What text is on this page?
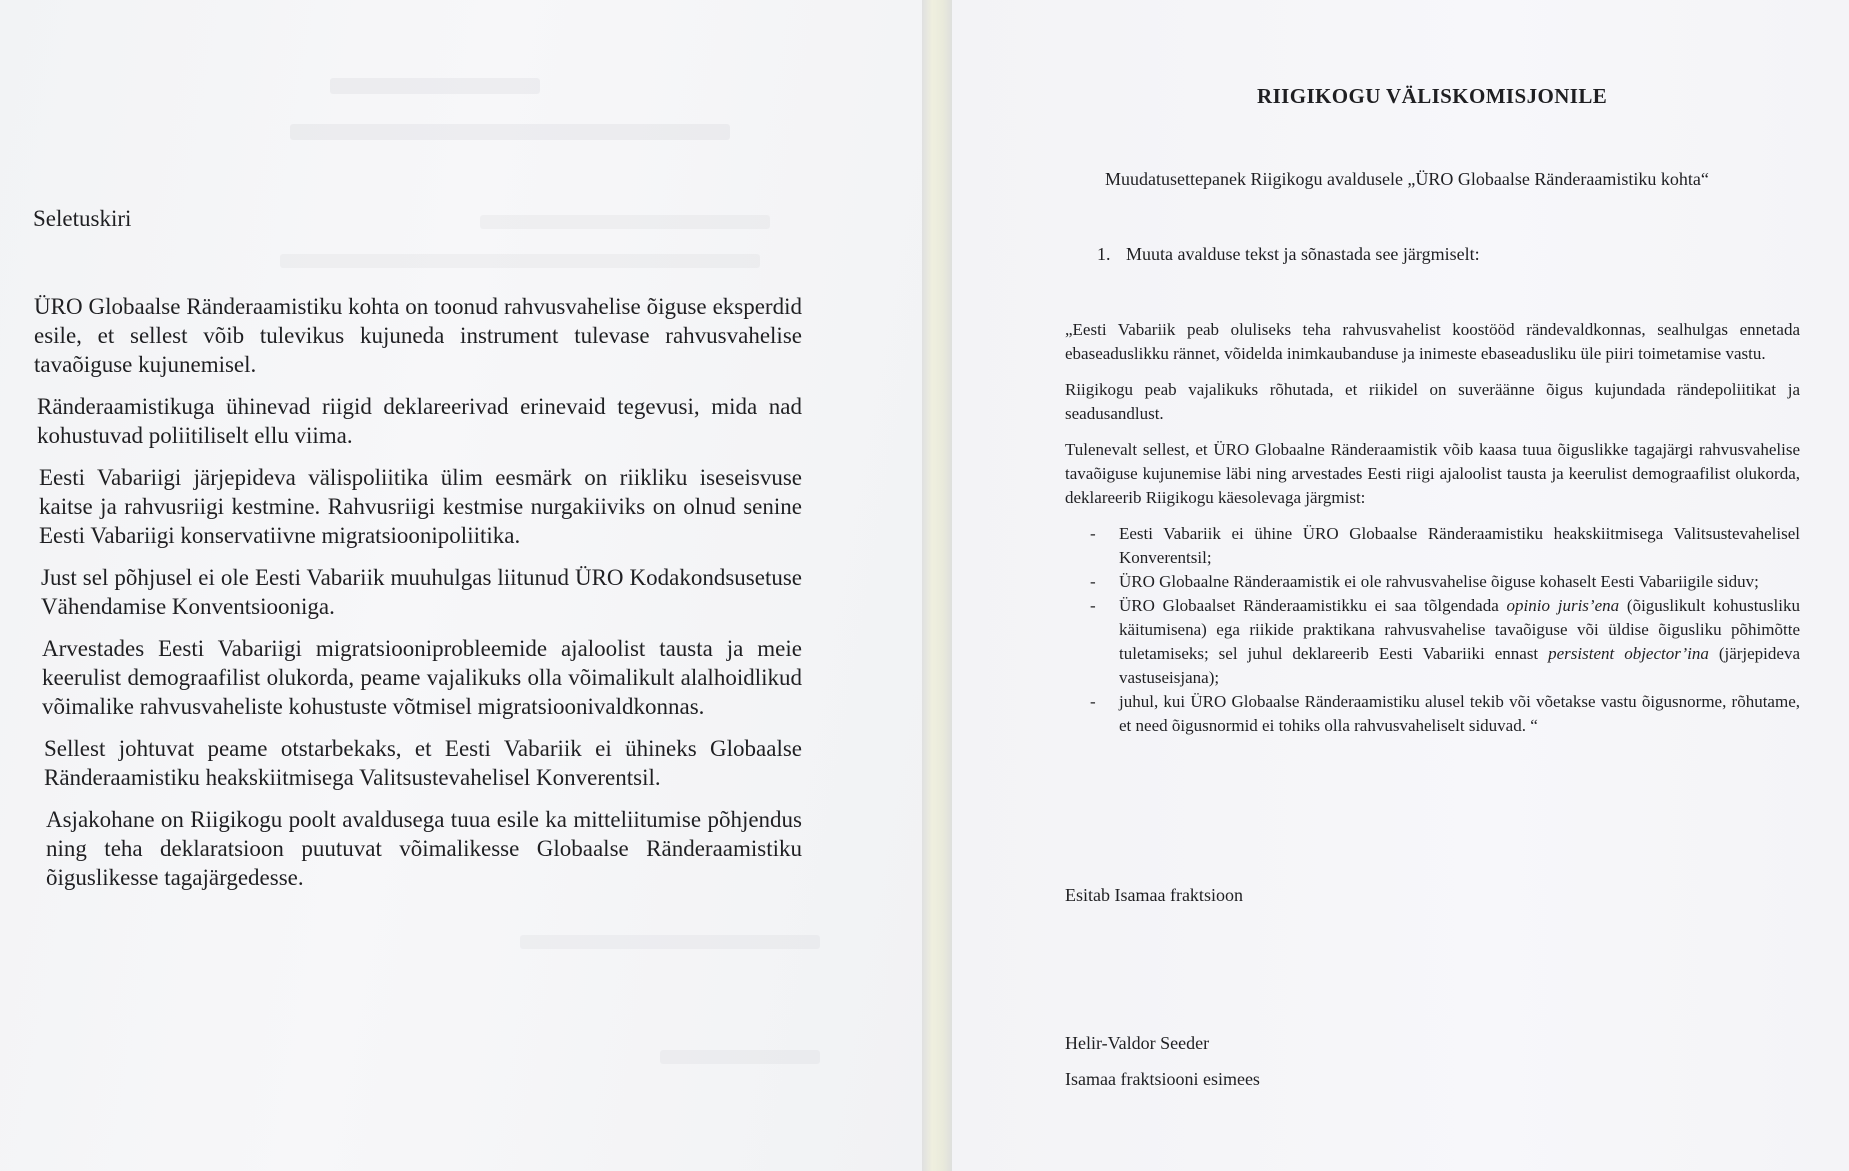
Seletuskiri

ÜRO Globaalse Ränderaamistiku kohta on toonud rahvusvahelise õiguse eksperdid esile, et sellest võib tulevikus kujuneda instrument tulevase rahvusvahelise tavaõiguse kujunemisel.

Ränderaamistikuga ühinevad riigid deklareerivad erinevaid tegevusi, mida nad kohustuvad poliitiliselt ellu viima.

Eesti Vabariigi järjepideva välispoliitika ülim eesmärk on riikliku iseseisvuse kaitse ja rahvusriigi kestmine. Rahvusriigi kestmise nurgakiiviks on olnud senine Eesti Vabariigi konservatiivne migratsioonipoliitika.

Just sel põhjusel ei ole Eesti Vabariik muuhulgas liitunud ÜRO Kodakondsusetuse Vähendamise Konventsiooniga.

Arvestades Eesti Vabariigi migratsiooniprobleemide ajaloolist tausta ja meie keerulist demograafilist olukorda, peame vajalikuks olla võimalikult alalhoidlikud võimalike rahvusvaheliste kohustuste võtmisel migratsioonivaldkonnas.

Sellest johtuvat peame otstarbekaks, et Eesti Vabariik ei ühineks Globaalse Ränderaamistiku heakskiitmisega Valitsustevahelisel Konverentsil.

Asjakohane on Riigikogu poolt avaldusega tuua esile ka mitteliitumise põhjendus ning teha deklaratsioon puutuvat võimalikesse Globaalse Ränderaamistiku õiguslikesse tagajärgedesse.

RIIGIKOGU VÄLISKOMISJONILE
Muudatusettepanek Riigikogu avaldusele „ÜRO Globaalse Ränderaamistiku kohta“
1. Muuta avalduse tekst ja sõnastada see järgmiselt:

„Eesti Vabariik peab oluliseks teha rahvusvahelist koostööd rändevaldkonnas, sealhulgas ennetada ebaseaduslikku rännet, võidelda inimkaubanduse ja inimeste ebaseadusliku üle piiri toimetamise vastu.

Riigikogu peab vajalikuks rõhutada, et riikidel on suveräänne õigus kujundada rändepoliitikat ja seadusandlust.

Tulenevalt sellest, et ÜRO Globaalne Ränderaamistik võib kaasa tuua õiguslikke tagajärgi rahvusvahelise tavaõiguse kujunemise läbi ning arvestades Eesti riigi ajaloolist tausta ja keerulist demograafilist olukorda, deklareerib Riigikogu käesolevaga järgmist:

- Eesti Vabariik ei ühine ÜRO Globaalse Ränderaamistiku heakskiitmisega Valitsustevahelisel Konverentsil;
- ÜRO Globaalne Ränderaamistik ei ole rahvusvahelise õiguse kohaselt Eesti Vabariigile siduv;
- ÜRO Globaalset Ränderaamistikku ei saa tõlgendada opinio juris’ena (õiguslikult kohustusliku käitumisena) ega riikide praktikana rahvusvahelise tavaõiguse või üldise õigusliku põhimõtte tuletamiseks; sel juhul deklareerib Eesti Vabariiki ennast persistent objector’ina (järjepideva vastuseisjana);
- juhul, kui ÜRO Globaalse Ränderaamistiku alusel tekib või võetakse vastu õigusnorme, rõhutame, et need õigusnormid ei tohiks olla rahvusvaheliselt siduvad. “
Esitab Isamaa fraktsioon
Helir-Valdor Seeder
Isamaa fraktsiooni esimees
